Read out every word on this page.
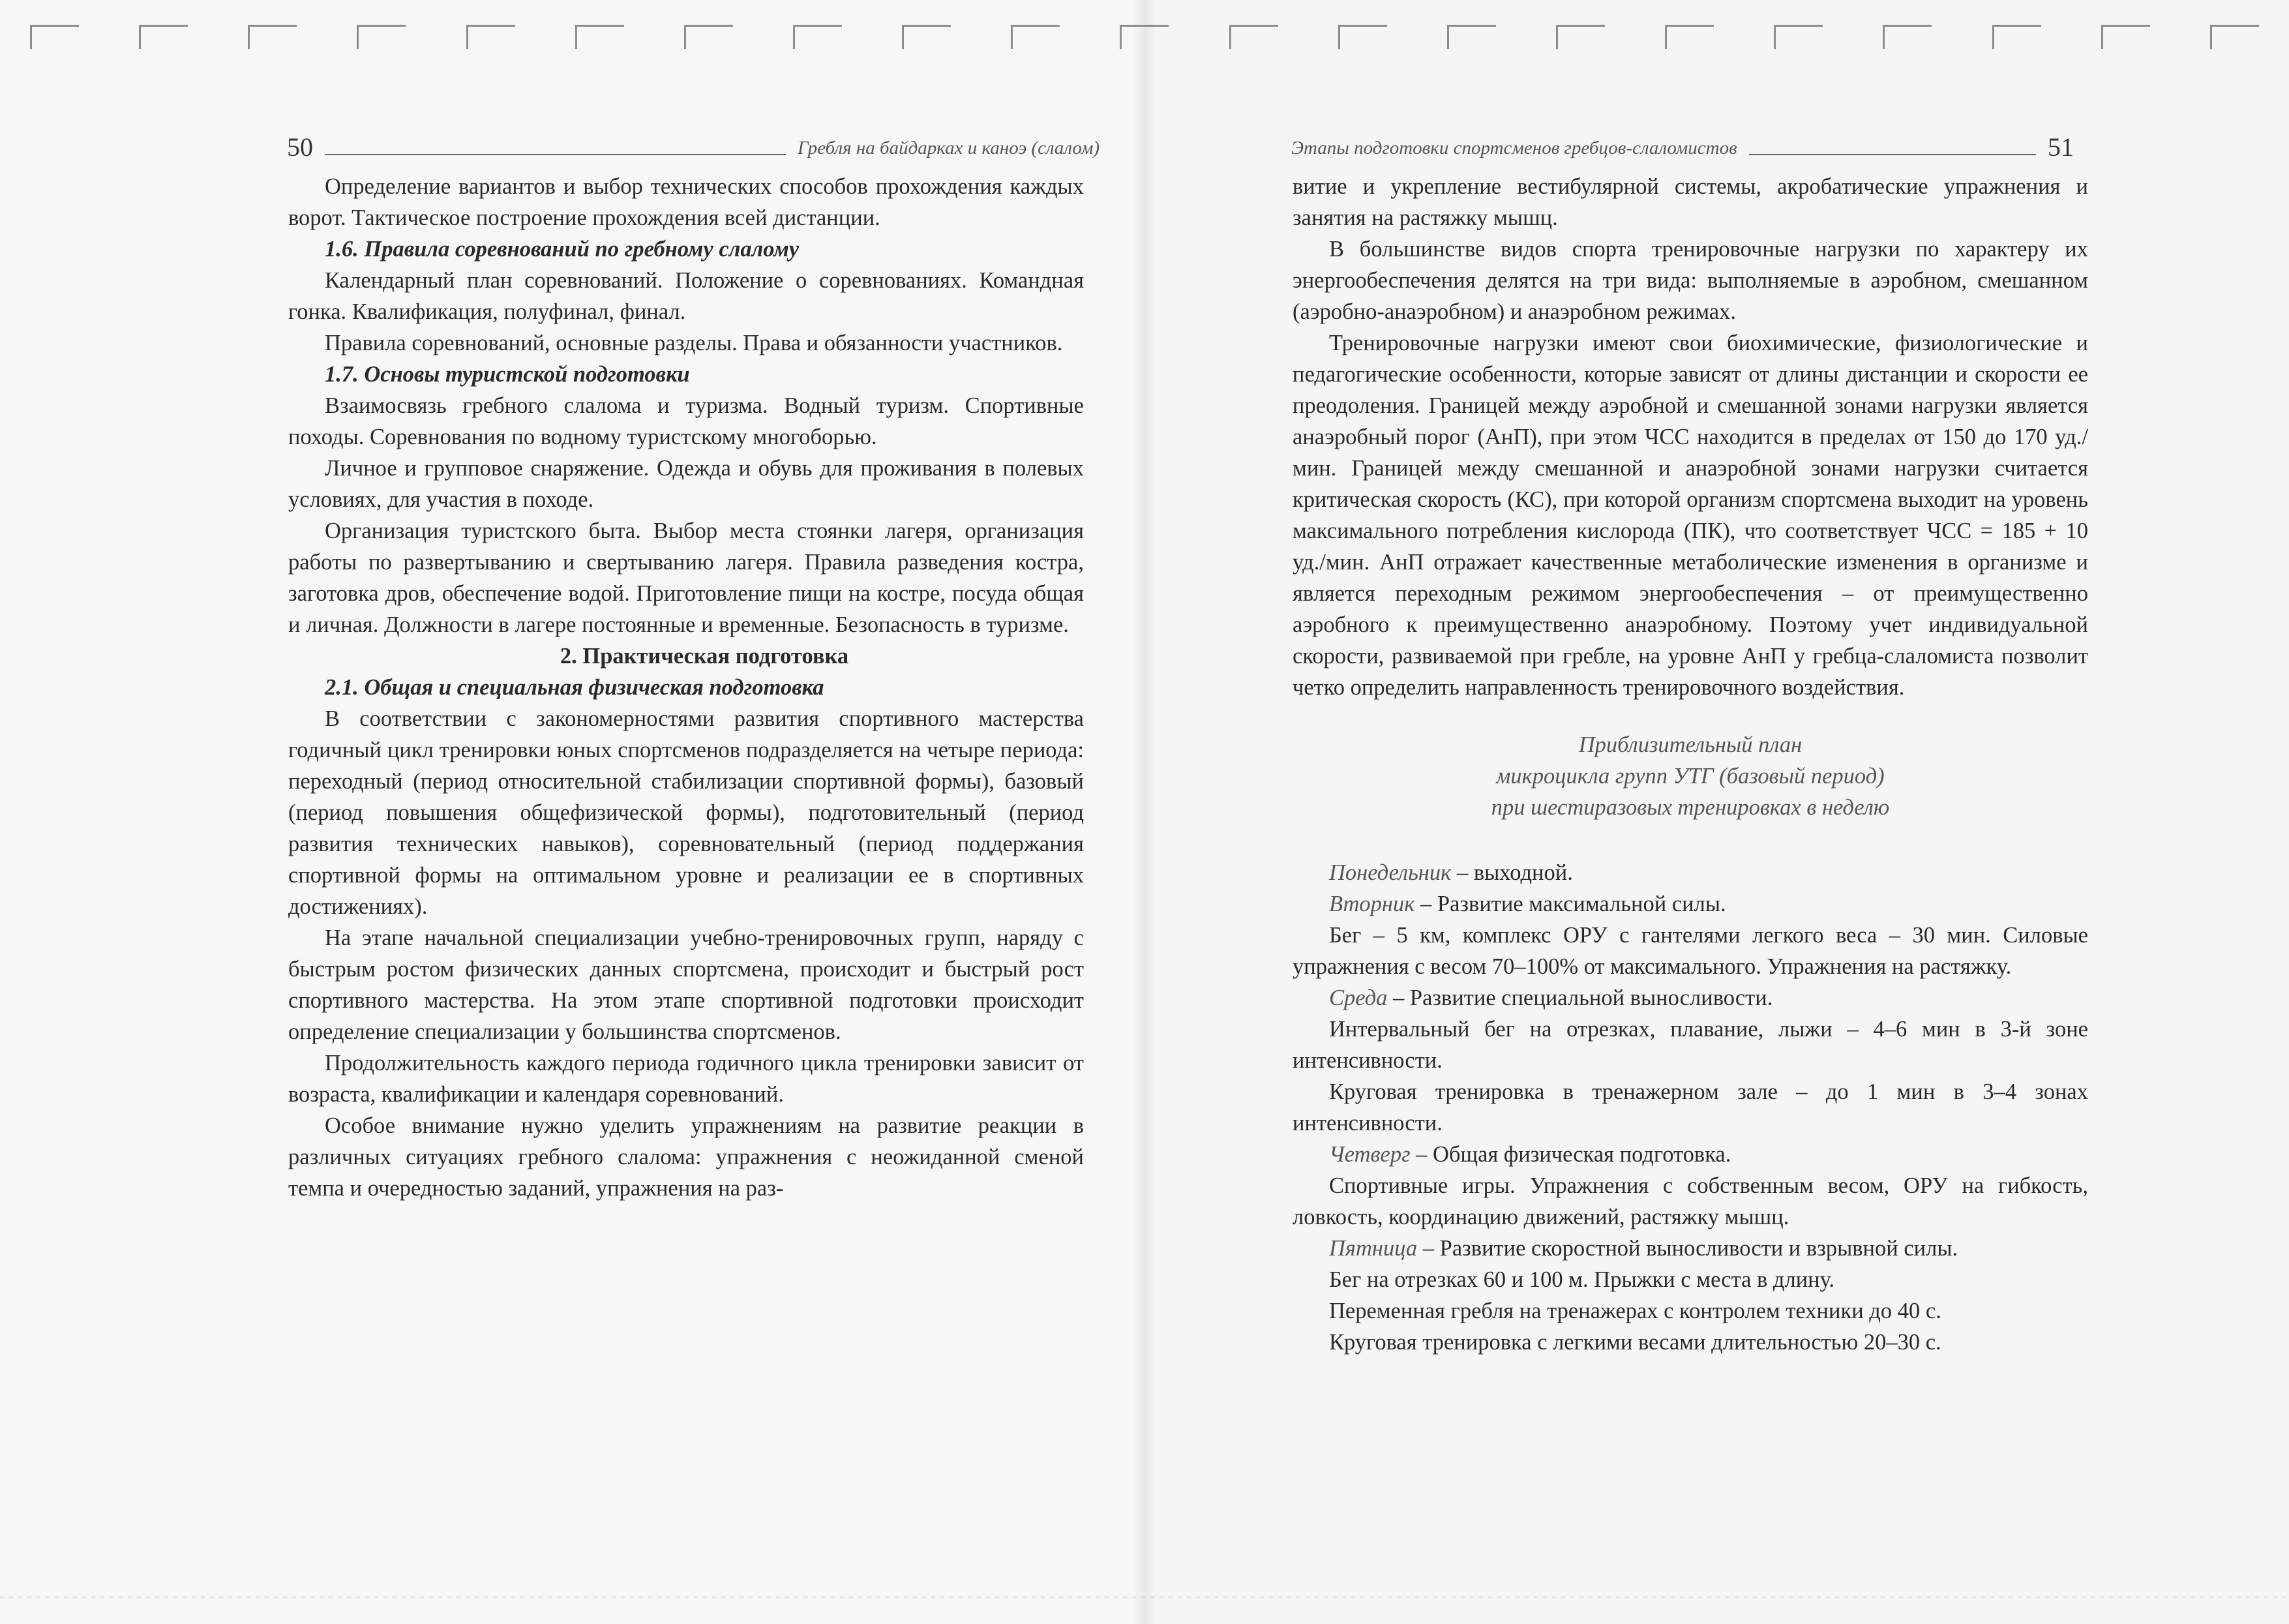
50	Гребля на байдарках и каноэ (слалом)	Этапы подготовки спортсменов гребцов-слаломистов	51

Определение вариантов и выбор технических способов прохождения каждых ворот. Тактическое построение прохождения всей дистанции.

1.6. Правила соревнований по гребному слалому

Календарный план соревнований. Положение о соревнованиях. Командная гонка. Квалификация, полуфинал, финал.

Правила соревнований, основные разделы. Права и обязанности участников.

1.7. Основы туристской подготовки

Взаимосвязь гребного слалома и туризма. Водный туризм. Спортивные походы. Соревнования по водному туристскому многоборью.

Личное и групповое снаряжение. Одежда и обувь для проживания в полевых условиях, для участия в походе.

Организация туристского быта. Выбор места стоянки лагеря, организация работы по развертыванию и свертыванию лагеря. Правила разведения костра, заготовка дров, обеспечение водой. Приготовление пищи на костре, посуда общая и личная. Должности в лагере постоянные и временные. Безопасность в туризме.

2. Практическая подготовка

2.1. Общая и специальная физическая подготовка

В соответствии с закономерностями развития спортивного мастерства годичный цикл тренировки юных спортсменов подразделяется на четыре периода: переходный (период относительной стабилизации спортивной формы), базовый (период повышения общефизической формы), подготовительный (период развития технических навыков), соревновательный (период поддержания спортивной формы на оптимальном уровне и реализации ее в спортивных достижениях).

На этапе начальной специализации учебно-тренировочных групп, наряду с быстрым ростом физических данных спортсмена, происходит и быстрый рост спортивного мастерства. На этом этапе спортивной подготовки происходит определение специализации у большинства спортсменов.

Продолжительность каждого периода годичного цикла тренировки зависит от возраста, квалификации и календаря соревнований.

Особое внимание нужно уделить упражнениям на развитие реакции в различных ситуациях гребного слалома: упражнения с неожиданной сменой темпа и очередностью заданий, упражнения на раз-

витие и укрепление вестибулярной системы, акробатические упражнения и занятия на растяжку мышц.

В большинстве видов спорта тренировочные нагрузки по характеру их энергообеспечения делятся на три вида: выполняемые в аэробном, смешанном (аэробно-анаэробном) и анаэробном режимах.

Тренировочные нагрузки имеют свои биохимические, физиологические и педагогические особенности, которые зависят от длины дистанции и скорости ее преодоления. Границей между аэробной и смешанной зонами нагрузки является анаэробный порог (АнП), при этом ЧСС находится в пределах от 150 до 170 уд./мин. Границей между смешанной и анаэробной зонами нагрузки считается критическая скорость (КС), при которой организм спортсмена выходит на уровень максимального потребления кислорода (ПК), что соответствует ЧСС = 185 + 10 уд./мин. АнП отражает качественные метаболические изменения в организме и является переходным режимом энергообеспечения – от преимущественно аэробного к преимущественно анаэробному. Поэтому учет индивидуальной скорости, развиваемой при гребле, на уровне АнП у гребца-слаломиста позволит четко определить направленность тренировочного воздействия.

Приблизительный план
микроцикла групп УТГ (базовый период)
при шестиразовых тренировках в неделю

Понедельник – выходной.

Вторник – Развитие максимальной силы.

Бег – 5 км, комплекс ОРУ с гантелями легкого веса – 30 мин. Силовые упражнения с весом 70–100% от максимального. Упражнения на растяжку.

Среда – Развитие специальной выносливости.

Интервальный бег на отрезках, плавание, лыжи – 4–6 мин в 3-й зоне интенсивности.

Круговая тренировка в тренажерном зале – до 1 мин в 3–4 зонах интенсивности.

Четверг – Общая физическая подготовка.

Спортивные игры. Упражнения с собственным весом, ОРУ на гибкость, ловкость, координацию движений, растяжку мышц.

Пятница – Развитие скоростной выносливости и взрывной силы.

Бег на отрезках 60 и 100 м. Прыжки с места в длину.

Переменная гребля на тренажерах с контролем техники до 40 с.

Круговая тренировка с легкими весами длительностью 20–30 с.
